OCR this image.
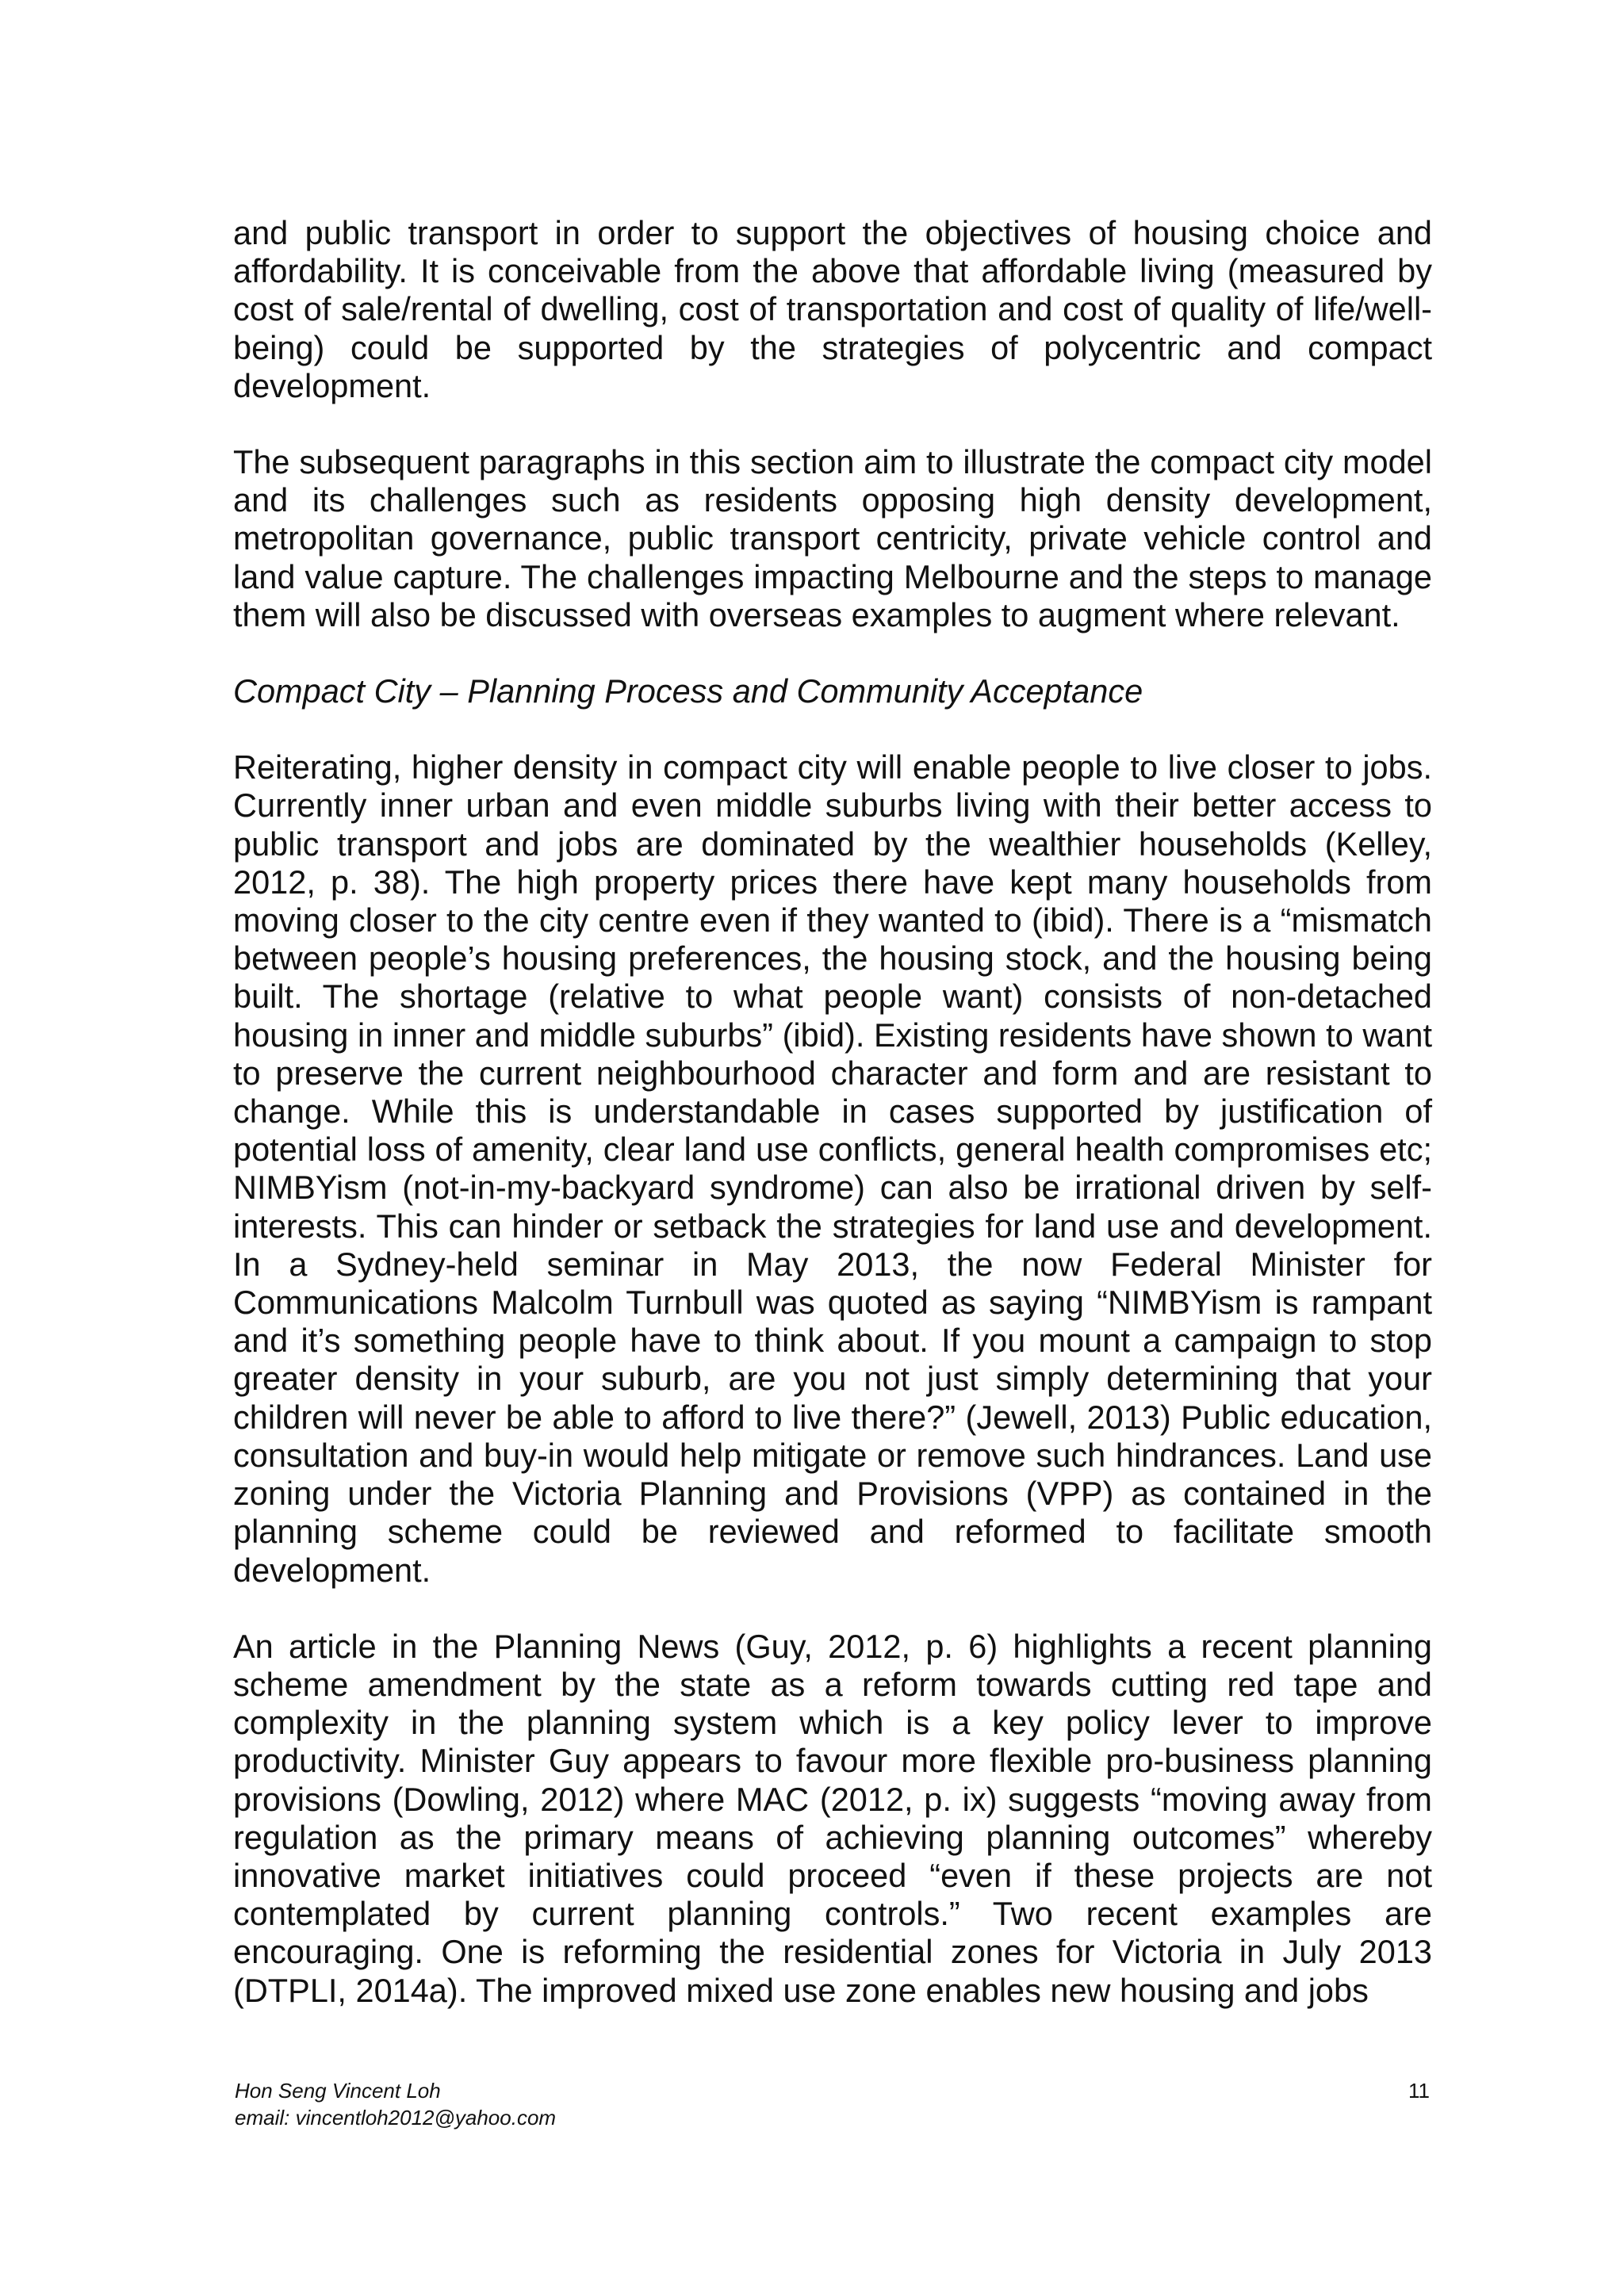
and public transport in order to support the objectives of housing choice and affordability. It is conceivable from the above that affordable living (measured by cost of sale/rental of dwelling, cost of transportation and cost of quality of life/well-being) could be supported by the strategies of polycentric and compact development.

The subsequent paragraphs in this section aim to illustrate the compact city model and its challenges such as residents opposing high density development, metropolitan governance, public transport centricity, private vehicle control and land value capture. The challenges impacting Melbourne and the steps to manage them will also be discussed with overseas examples to augment where relevant.

Compact City – Planning Process and Community Acceptance

Reiterating, higher density in compact city will enable people to live closer to jobs. Currently inner urban and even middle suburbs living with their better access to public transport and jobs are dominated by the wealthier households (Kelley, 2012, p. 38). The high property prices there have kept many households from moving closer to the city centre even if they wanted to (ibid). There is a “mismatch between people’s housing preferences, the housing stock, and the housing being built. The shortage (relative to what people want) consists of non-detached housing in inner and middle suburbs” (ibid). Existing residents have shown to want to preserve the current neighbourhood character and form and are resistant to change. While this is understandable in cases supported by justification of potential loss of amenity, clear land use conflicts, general health compromises etc; NIMBYism (not-in-my-backyard syndrome) can also be irrational driven by self-interests. This can hinder or setback the strategies for land use and development. In a Sydney-held seminar in May 2013, the now Federal Minister for Communications Malcolm Turnbull was quoted as saying “NIMBYism is rampant and it’s something people have to think about. If you mount a campaign to stop greater density in your suburb, are you not just simply determining that your children will never be able to afford to live there?” (Jewell, 2013) Public education, consultation and buy-in would help mitigate or remove such hindrances. Land use zoning under the Victoria Planning and Provisions (VPP) as contained in the planning scheme could be reviewed and reformed to facilitate smooth development.

An article in the Planning News (Guy, 2012, p. 6) highlights a recent planning scheme amendment by the state as a reform towards cutting red tape and complexity in the planning system which is a key policy lever to improve productivity. Minister Guy appears to favour more flexible pro-business planning provisions (Dowling, 2012) where MAC (2012, p. ix) suggests “moving away from regulation as the primary means of achieving planning outcomes” whereby innovative market initiatives could proceed “even if these projects are not contemplated by current planning controls.” Two recent examples are encouraging. One is reforming the residential zones for Victoria in July 2013 (DTPLI, 2014a). The improved mixed use zone enables new housing and jobs

Hon Seng Vincent Loh
email: vincentloh2012@yahoo.com
11
